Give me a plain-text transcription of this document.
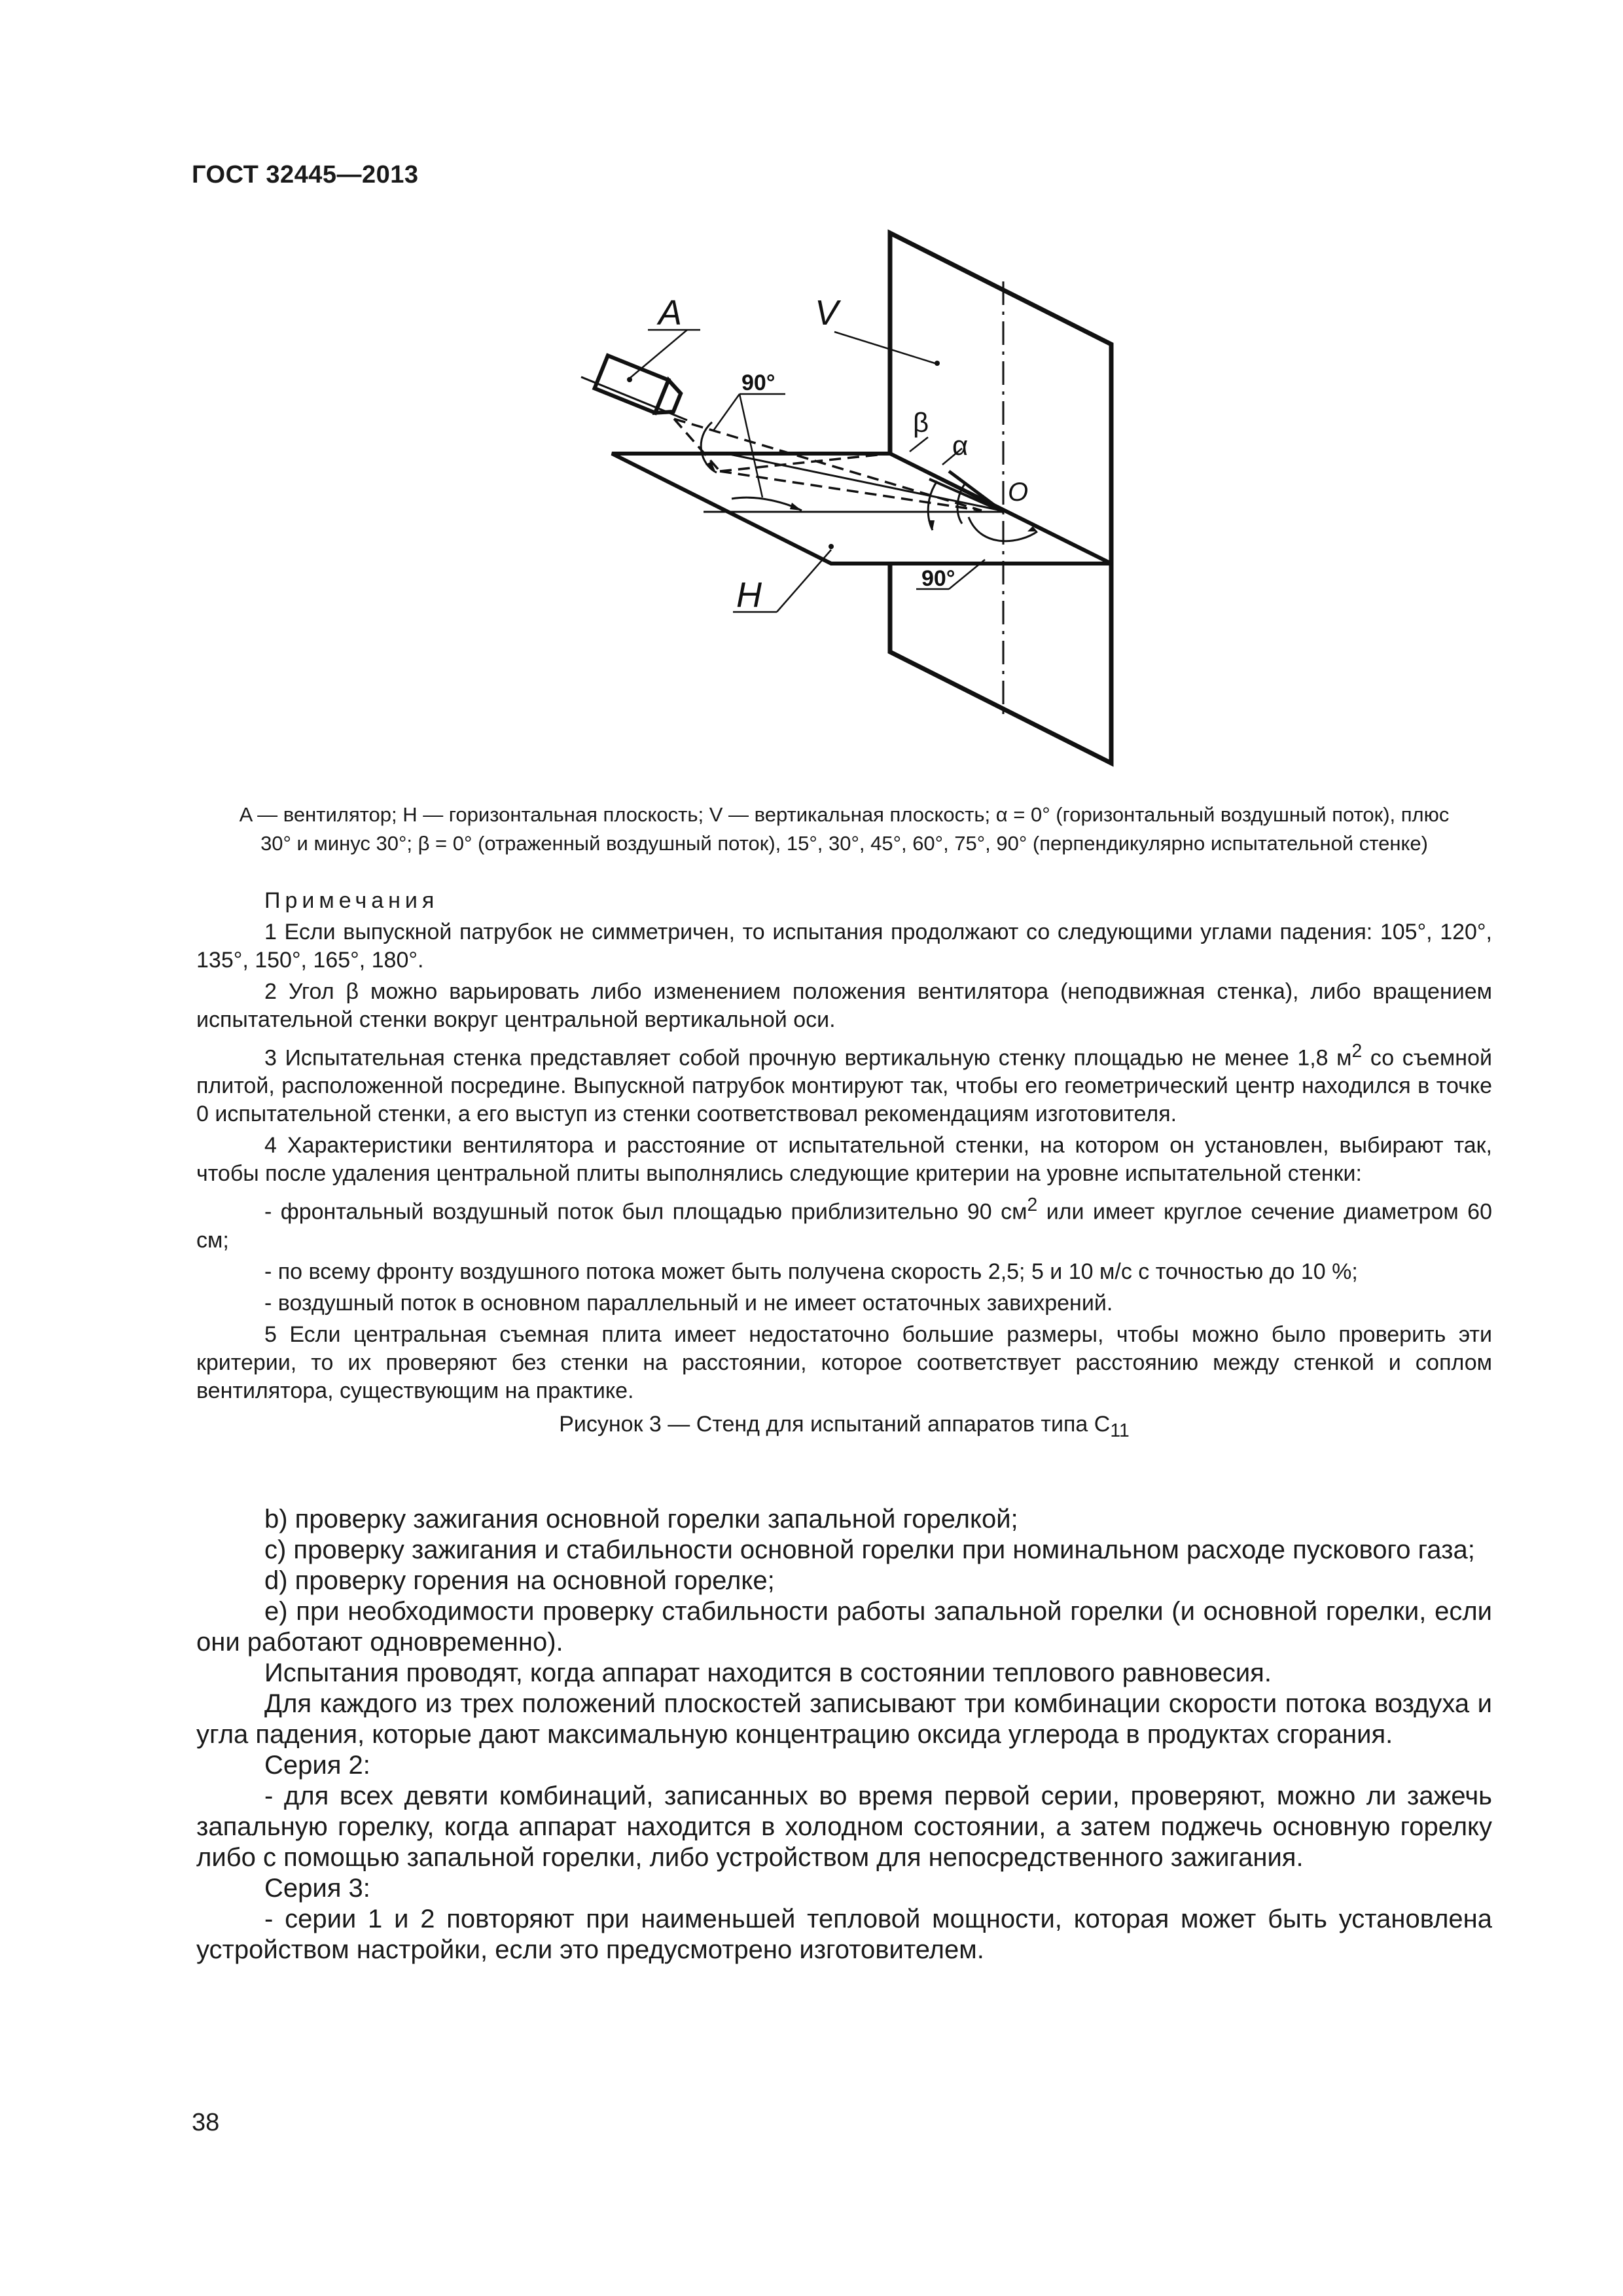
ГОСТ 32445—2013
A	V
H
O
90°
90°
β
α
A — вентилятор; H — горизонтальная плоскость; V — вертикальная плоскость; α = 0° (горизонтальный воздушный поток), плюс
30° и минус 30°; β = 0° (отраженный воздушный поток), 15°, 30°, 45°, 60°, 75°, 90° (перпендикулярно испытательной стенке)

Примечания

1 Если выпускной патрубок не симметричен, то испытания продолжают со следующими углами падения: 105°, 120°, 135°, 150°, 165°, 180°.

2 Угол β можно варьировать либо изменением положения вентилятора (неподвижная стенка), либо вращением испытательной стенки вокруг центральной вертикальной оси.

3 Испытательная стенка представляет собой прочную вертикальную стенку площадью не менее 1,8 $м^2$ со съемной плитой, расположенной посредине. Выпускной патрубок монтируют так, чтобы его геометрический центр находился в точке 0 испытательной стенки, а его выступ из стенки соответствовал рекомендациям изготовителя.

4 Характеристики вентилятора и расстояние от испытательной стенки, на котором он установлен, выбирают так, чтобы после удаления центральной плиты выполнялись следующие критерии на уровне испытательной стенки:

- фронтальный воздушный поток был площадью приблизительно 90 $см^2$ или имеет круглое сечение диаметром 60 см;

- по всему фронту воздушного потока может быть получена скорость 2,5; 5 и 10 м/с с точностью до 10 %;

- воздушный поток в основном параллельный и не имеет остаточных завихрений.

5 Если центральная съемная плита имеет недостаточно большие размеры, чтобы можно было проверить эти критерии, то их проверяют без стенки на расстоянии, которое соответствует расстоянию между стенкой и соплом вентилятора, существующим на практике.

Рисунок 3 — Стенд для испытаний аппаратов типа $С_{11}$

b) проверку зажигания основной горелки запальной горелкой;

c) проверку зажигания и стабильности основной горелки при номинальном расходе пускового газа;

d) проверку горения на основной горелке;

e) при необходимости проверку стабильности работы запальной горелки (и основной горелки, если они работают одновременно).

Испытания проводят, когда аппарат находится в состоянии теплового равновесия.

Для каждого из трех положений плоскостей записывают три комбинации скорости потока воздуха и угла падения, которые дают максимальную концентрацию оксида углерода в продуктах сгорания.

Серия 2:

- для всех девяти комбинаций, записанных во время первой серии, проверяют, можно ли зажечь запальную горелку, когда аппарат находится в холодном состоянии, а затем поджечь основную горелку либо с помощью запальной горелки, либо устройством для непосредственного зажигания.

Серия 3:

- серии 1 и 2 повторяют при наименьшей тепловой мощности, которая может быть установлена устройством настройки, если это предусмотрено изготовителем.

38
